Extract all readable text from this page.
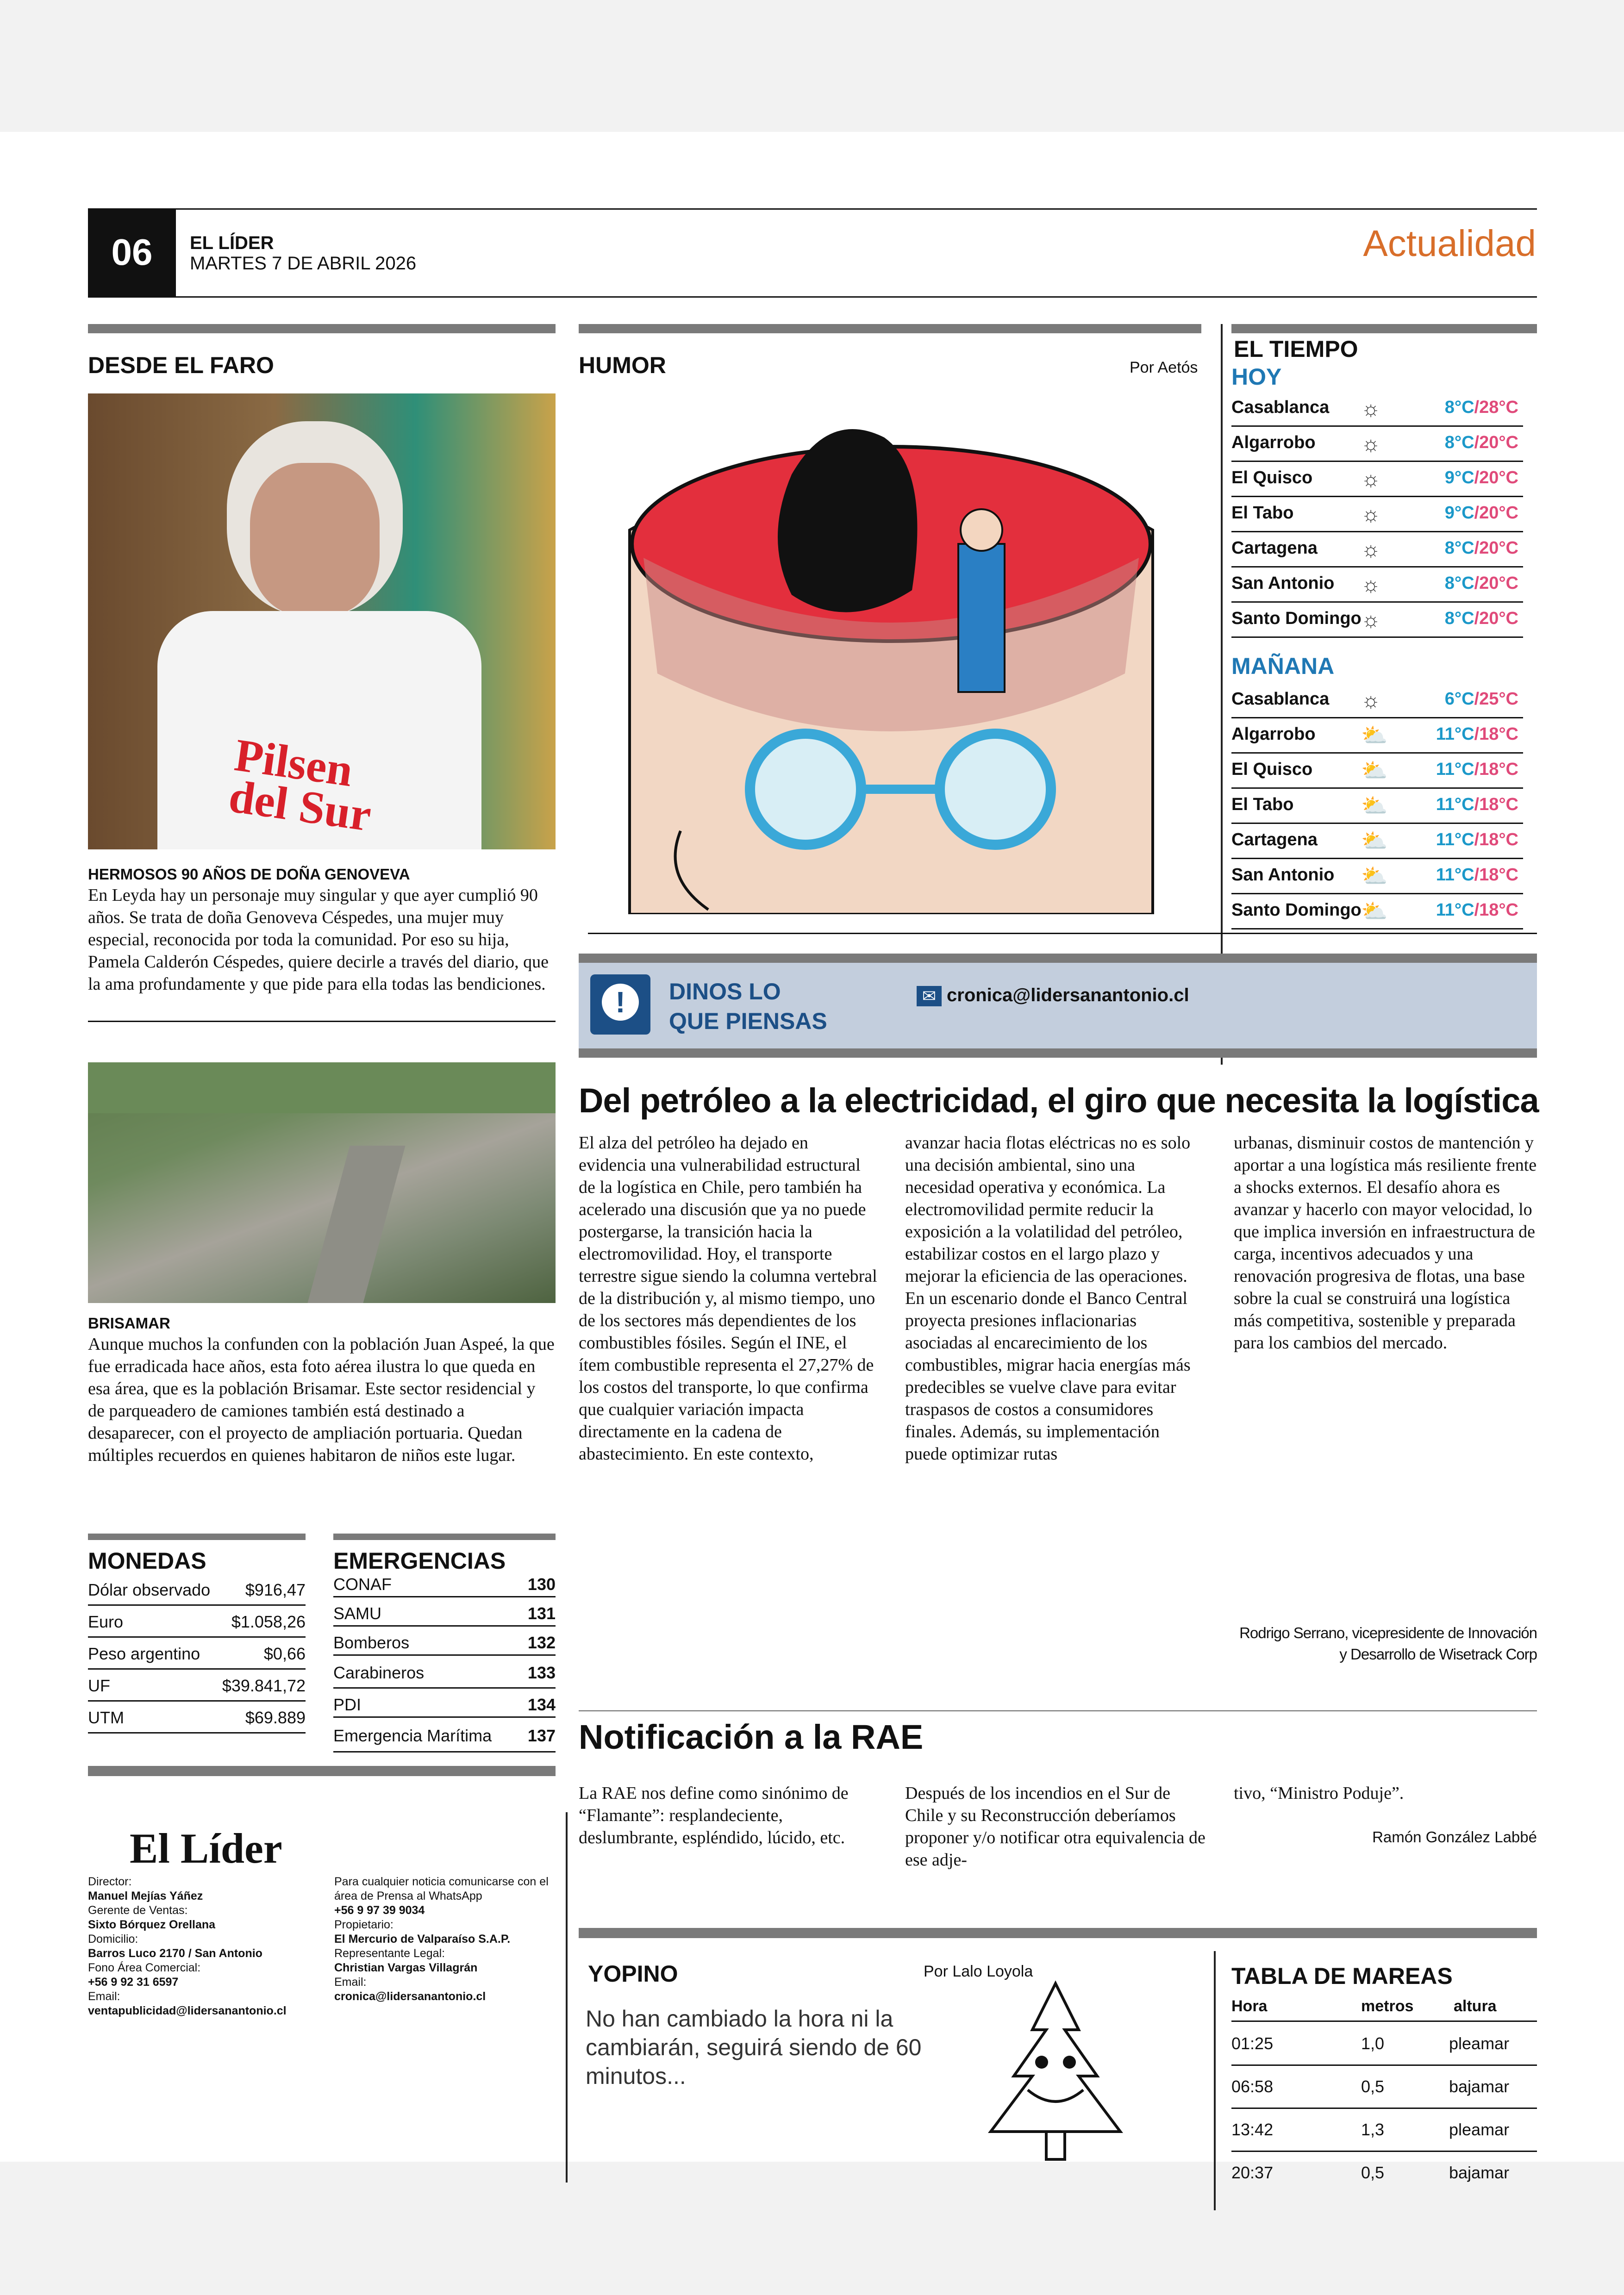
06	EL LÍDER
MARTES 7 DE ABRIL 2026	Actualidad
DESDE EL FARO
Pilsen del Sur
HERMOSOS 90 AÑOS DE DOÑA GENOVEVA
En Leyda hay un personaje muy singular y que ayer cumplió 90 años. Se trata de doña Genoveva Céspedes, una mujer muy especial, reconocida por toda la comunidad. Por eso su hija, Pamela Calderón Céspedes, quiere decirle a través del diario, que la ama profundamente y que pide para ella todas las bendiciones.
BRISAMAR
Aunque muchos la confunden con la población Juan Aspeé, la que fue erradicada hace años, esta foto aérea ilustra lo que queda en esa área, que es la población Brisamar. Este sector residencial y de parqueadero de camiones también está destinado a desaparecer, con el proyecto de ampliación portuaria. Quedan múltiples recuerdos en quienes habitaron de niños este lugar.
MONEDAS
Dólar observado $916,47
Euro	$1.058,26
Peso argentino	$0,66
UF	$39.841,72
UTM	$69.889
EMERGENCIAS
CONAF	130
SAMU	131
Bomberos	132
Carabineros	133
PDI	134
Emergencia Marítima 137
El Líder
Director:
Manuel Mejías Yáñez
Gerente de Ventas:
Sixto Bórquez Orellana
Domicilio:
Barros Luco 2170 / San Antonio
Fono Área Comercial:
+56 9 92 31 6597
Email:
ventapublicidad@lidersanantonio.cl
Para cualquier noticia comunicarse con el área de Prensa al WhatsApp
+56 9 97 39 9034
Propietario:
El Mercurio de Valparaíso S.A.P.
Representante Legal:
Christian Vargas Villagrán
Email:
cronica@lidersanantonio.cl
HUMOR	Por Aetós
EL TIEMPO
HOY
Casablanca ☼	8°C/28°C
Algarrobo ☼	8°C/20°C
El Quisco ☼	9°C/20°C
El Tabo	☼	9°C/20°C
Cartagena ☼	8°C/20°C
San Antonio ☼	8°C/20°C
Santo Domingo ☼	8°C/20°C
MAÑANA
Casablanca ☼	6°C/25°C
Algarrobo ⛅	11°C/18°C
El Quisco ⛅	11°C/18°C
El Tabo	⛅	11°C/18°C
Cartagena ⛅	11°C/18°C
San Antonio ⛅	11°C/18°C
Santo Domingo ⛅	11°C/18°C
!	DINOS LO
QUE PIENSAS
✉ cronica@lidersanantonio.cl
Del petróleo a la electricidad, el giro que necesita la logística
El alza del petróleo ha dejado en evidencia una vulnerabilidad estructural de la logística en Chile, pero también ha acelerado una discusión que ya no puede postergarse, la transición hacia la electromovilidad. Hoy, el transporte terrestre sigue siendo la columna vertebral de la distribución y, al mismo tiempo, uno de los sectores más dependientes de los combustibles fósiles. Según el INE, el ítem combustible representa el 27,27% de los costos del transporte, lo que confirma que cualquier variación impacta directamente en la cadena de abastecimiento. En este contexto,
avanzar hacia flotas eléctricas no es solo una decisión ambiental, sino una necesidad operativa y económica. La electromovilidad permite reducir la exposición a la volatilidad del petróleo, estabilizar costos en el largo plazo y mejorar la eficiencia de las operaciones. En un escenario donde el Banco Central proyecta presiones inflacionarias asociadas al encarecimiento de los combustibles, migrar hacia energías más predecibles se vuelve clave para evitar traspasos de costos a consumidores finales. Además, su implementación puede optimizar rutas
urbanas, disminuir costos de mantención y aportar a una logística más resiliente frente a shocks externos. El desafío ahora es avanzar y hacerlo con mayor velocidad, lo que implica inversión en infraestructura de carga, incentivos adecuados y una renovación progresiva de flotas, una base sobre la cual se construirá una logística más competitiva, sostenible y preparada para los cambios del mercado.
Rodrigo Serrano, vicepresidente de Innovación y Desarrollo de Wisetrack Corp
Notificación a la RAE
La RAE nos define como sinónimo de “Flamante”: resplandeciente, deslumbrante, espléndido, lúcido, etc.
Después de los incendios en el Sur de Chile y su Reconstrucción deberíamos proponer y/o notificar otra equivalencia de ese adje-
tivo, “Ministro Poduje”.
Ramón González Labbé
YOPINO	Por Lalo Loyola
No han cambiado la hora ni la cambiarán, seguirá siendo de 60 minutos...
TABLA DE MAREAS
Hora	metros	altura
01:25	1,0	pleamar
06:58	0,5	bajamar
13:42	1,3	pleamar
20:37	0,5	bajamar
